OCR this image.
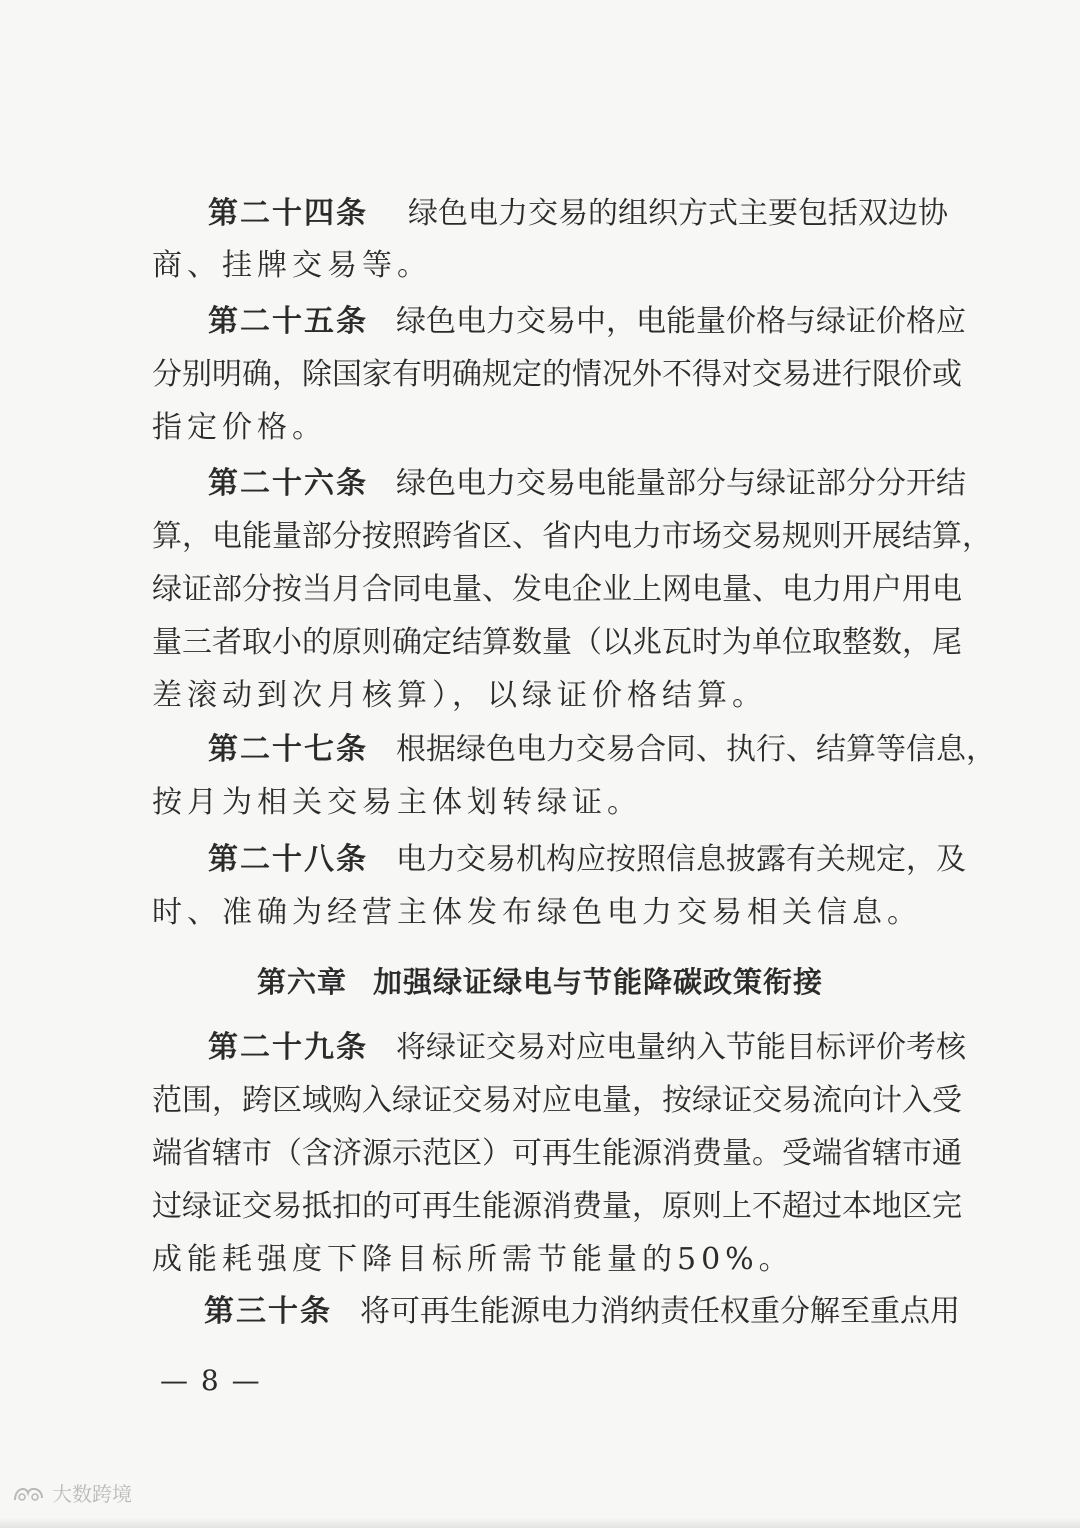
第二十四条	绿色电力交易的组织方式主要包括双边协
商、挂牌交易等。
第二十五条 绿色电力交易中，电能量价格与绿证价格应
分别明确，除国家有明确规定的情况外不得对交易进行限价或
指定价格。
第二十六条 绿色电力交易电能量部分与绿证部分分开结
算，电能量部分按照跨省区、省内电力市场交易规则开展结算，
绿证部分按当月合同电量、发电企业上网电量、电力用户用电
量三者取小的原则确定结算数量（以兆瓦时为单位取整数，尾
差滚动到次月核算），以绿证价格结算。
第二十七条 根据绿色电力交易合同、执行、结算等信息，
按月为相关交易主体划转绿证。
第二十八条 电力交易机构应按照信息披露有关规定，及
时、准确为经营主体发布绿色电力交易相关信息。
第六章 加强绿证绿电与节能降碳政策衔接
第二十九条 将绿证交易对应电量纳入节能目标评价考核
范围，跨区域购入绿证交易对应电量，按绿证交易流向计入受
端省辖市（含济源示范区）可再生能源消费量。受端省辖市通
过绿证交易抵扣的可再生能源消费量，原则上不超过本地区完
成能耗强度下降目标所需节能量的50%。
第三十条 将可再生能源电力消纳责任权重分解至重点用
— 8 —
大数跨境
